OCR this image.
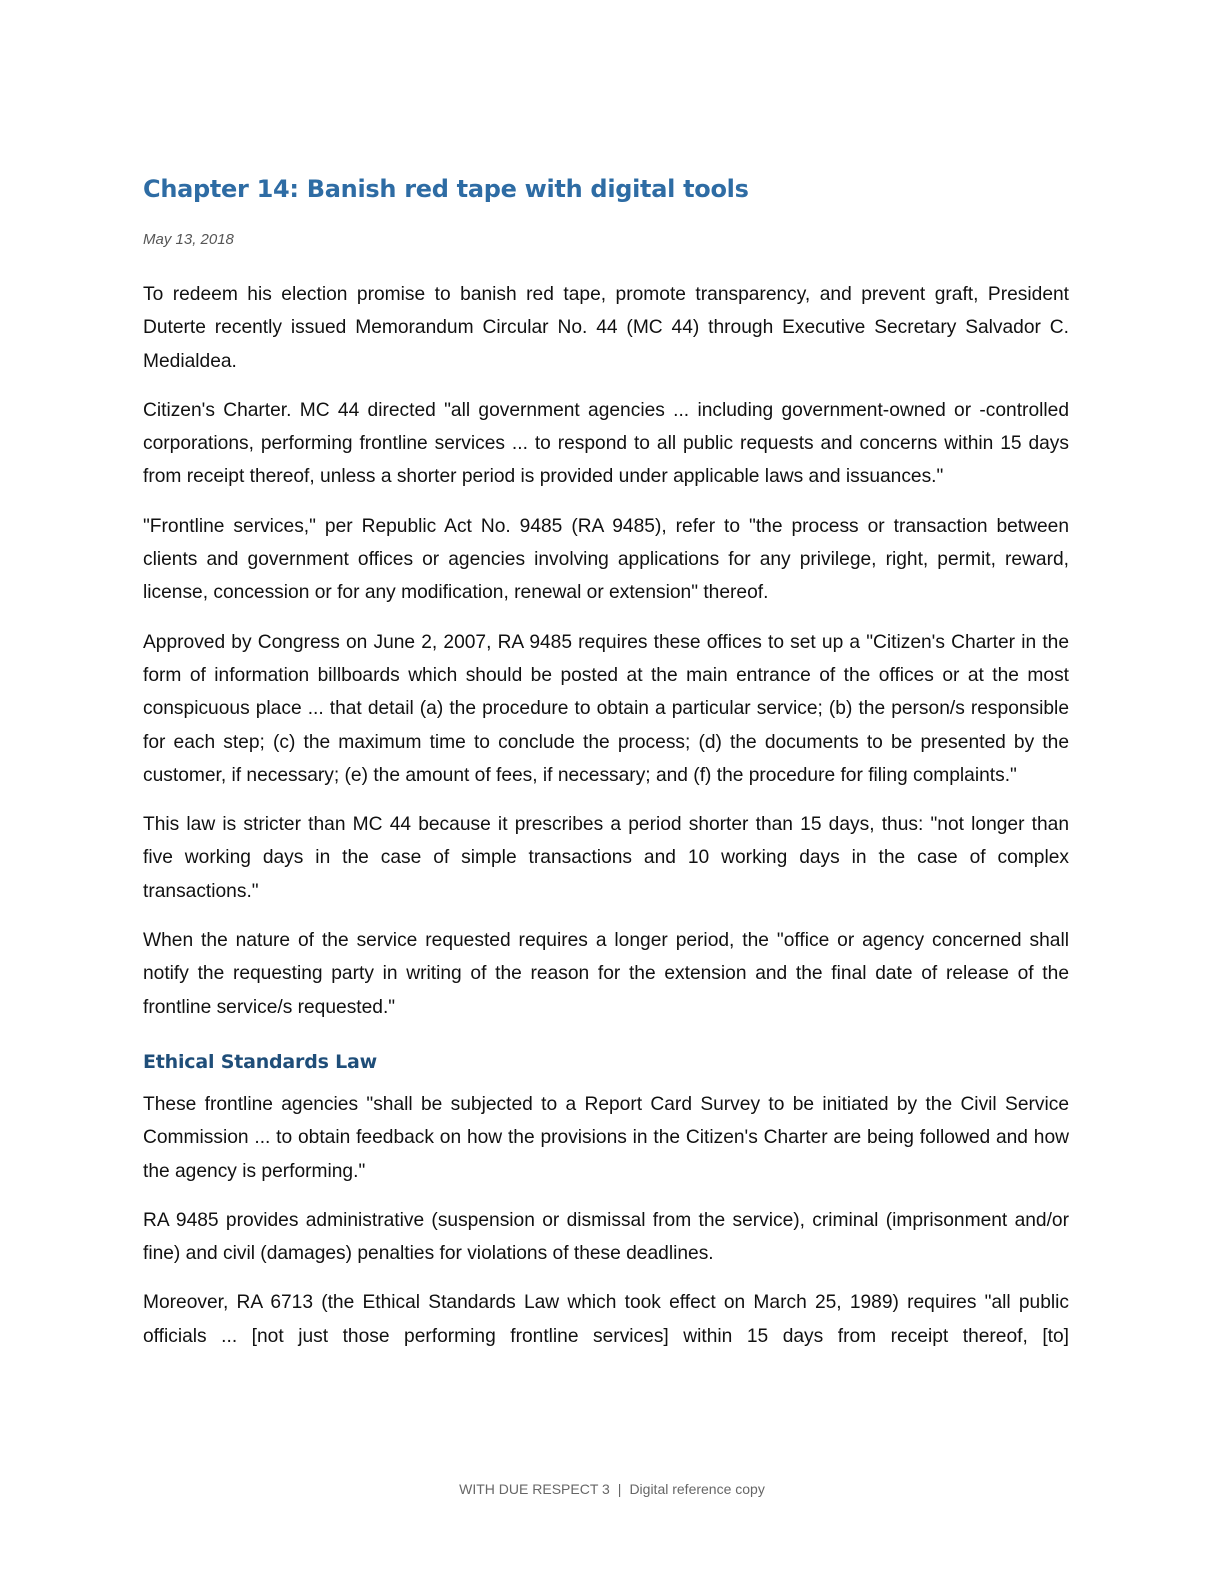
Chapter 14: Banish red tape with digital tools
May 13, 2018

To redeem his election promise to banish red tape, promote transparency, and prevent graft, President Duterte recently issued Memorandum Circular No. 44 (MC 44) through Executive Secretary Salvador C. Medialdea.

Citizen's Charter. MC 44 directed "all government agencies ... including government-owned or -controlled corporations, performing frontline services ... to respond to all public requests and concerns within 15 days from receipt thereof, unless a shorter period is provided under applicable laws and issuances."

"Frontline services," per Republic Act No. 9485 (RA 9485), refer to "the process or transaction between clients and government offices or agencies involving applications for any privilege, right, permit, reward, license, concession or for any modification, renewal or extension" thereof.

Approved by Congress on June 2, 2007, RA 9485 requires these offices to set up a "Citizen's Charter in the form of information billboards which should be posted at the main entrance of the offices or at the most conspicuous place ... that detail (a) the procedure to obtain a particular service; (b) the person/s responsible for each step; (c) the maximum time to conclude the process; (d) the documents to be presented by the customer, if necessary; (e) the amount of fees, if necessary; and (f) the procedure for filing complaints."

This law is stricter than MC 44 because it prescribes a period shorter than 15 days, thus: "not longer than five working days in the case of simple transactions and 10 working days in the case of complex transactions."

When the nature of the service requested requires a longer period, the "office or agency concerned shall notify the requesting party in writing of the reason for the extension and the final date of release of the frontline service/s requested."

Ethical Standards Law

These frontline agencies "shall be subjected to a Report Card Survey to be initiated by the Civil Service Commission ... to obtain feedback on how the provisions in the Citizen's Charter are being followed and how the agency is performing."

RA 9485 provides administrative (suspension or dismissal from the service), criminal (imprisonment and/or fine) and civil (damages) penalties for violations of these deadlines.

Moreover, RA 6713 (the Ethical Standards Law which took effect on March 25, 1989) requires "all public officials ... [not just those performing frontline services] within 15 days from receipt thereof, [to]

WITH DUE RESPECT 3 | Digital reference copy
